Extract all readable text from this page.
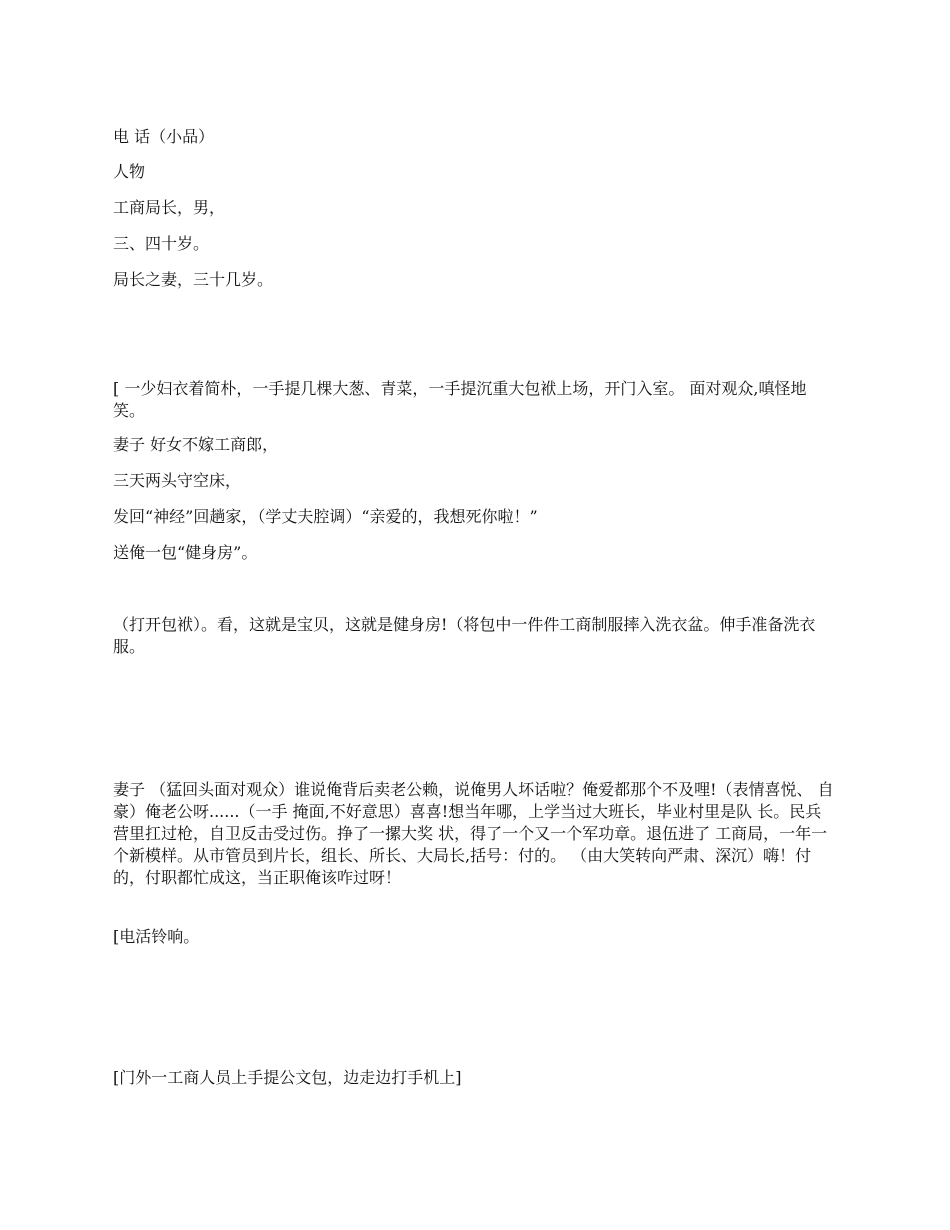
电 话（小品）

人物

工商局长，男，

三、四十岁。

局长之妻，三十几岁。

[ 一少妇衣着简朴，一手提几棵大葱、青菜，一手提沉重大包袱上场，开门入室。 面对观众,嗔怪地笑。

妻子 好女不嫁工商郎，

三天两头守空床，

发回“神经”回趟家，（学丈夫腔调）“亲爱的，我想死你啦！”

送俺一包“健身房”。

（打开包袱）。看，这就是宝贝，这就是健身房!（将包中一件件工商制服摔入洗衣盆。伸手准备洗衣 服。

妻子 （猛回头面对观众）谁说俺背后卖老公赖，说俺男人坏话啦？俺爱都那个不及哩!（表情喜悦、 自豪）俺老公呀......（一手 掩面,不好意思）喜喜!想当年哪，上学当过大班长，毕业村里是队 长。民兵营里扛过枪，自卫反击受过伤。挣了一摞大奖 状，得了一个又一个军功章。退伍进了 工商局，一年一个新模样。从市管员到片长，组长、所长、大局长,括号：付的。 （由大笑转向严肃、深沉）嗨！付的，付职都忙成这，当正职俺该咋过呀！

[电活铃响。

[门外一工商人员上手提公文包，边走边打手机上]
